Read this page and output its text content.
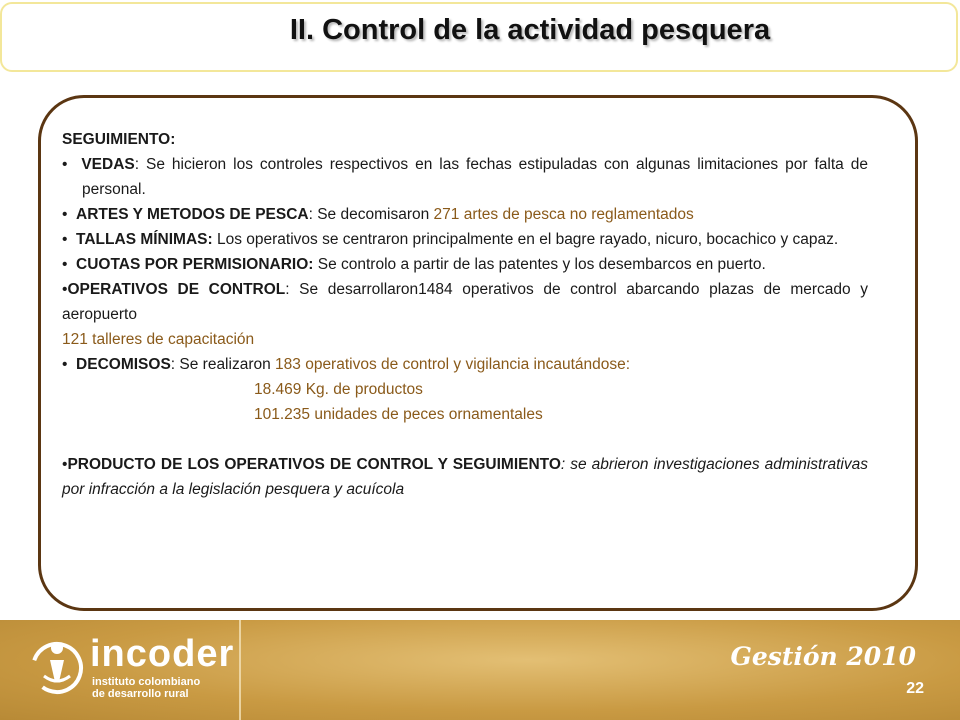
II. Control de la actividad pesquera

SEGUIMIENTO:

•  VEDAS: Se hicieron los controles respectivos en las fechas estipuladas con algunas limitaciones por falta de personal.

•  ARTES Y METODOS DE PESCA: Se decomisaron 271 artes de pesca no reglamentados

•  TALLAS MÍNIMAS: Los operativos se centraron principalmente en el bagre rayado, nicuro, bocachico y capaz.

•  CUOTAS POR PERMISIONARIO: Se controlo a partir de las patentes y los desembarcos en puerto.

•OPERATIVOS DE CONTROL: Se desarrollaron1484 operativos de control abarcando plazas de mercado y aeropuerto

121 talleres de capacitación

•  DECOMISOS: Se realizaron 183 operativos de control y vigilancia incautándose:

18.469 Kg. de productos

101.235 unidades de peces ornamentales

•PRODUCTO DE LOS OPERATIVOS DE CONTROL Y SEGUIMIENTO: se abrieron investigaciones administrativas por infracción a la legislación pesquera y acuícola

incoder
instituto colombiano
de desarrollo rural
Gestión 2010
22
